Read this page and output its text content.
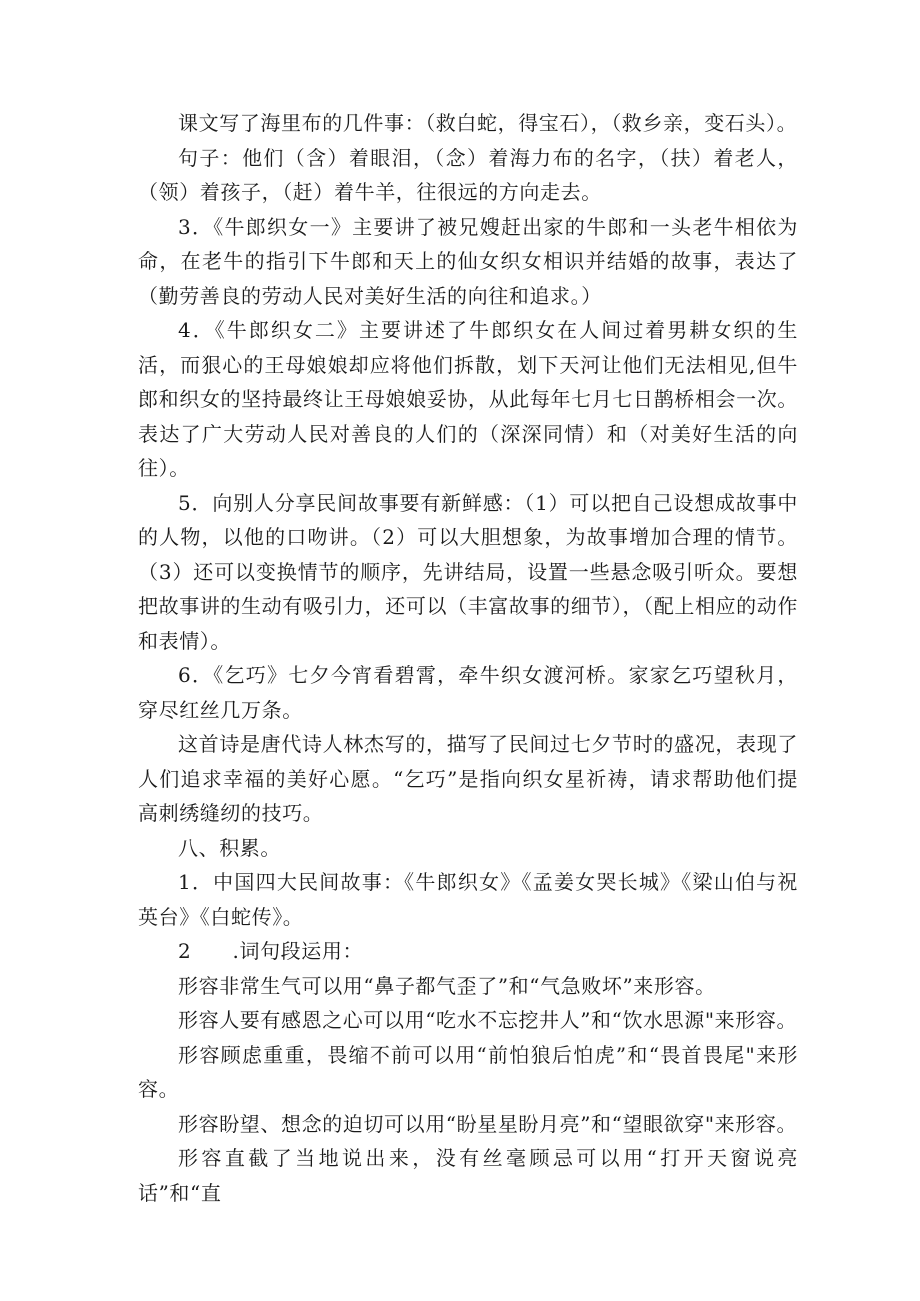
课文写了海里布的几件事：（救白蛇，得宝石），（救乡亲，变石头）。

句子：他们（含）着眼泪，（念）着海力布的名字，（扶）着老人，（领）着孩子，（赶）着牛羊，往很远的方向走去。

3．《牛郎织女一》主要讲了被兄嫂赶出家的牛郎和一头老牛相依为命，在老牛的指引下牛郎和天上的仙女织女相识并结婚的故事，表达了（勤劳善良的劳动人民对美好生活的向往和追求。）

4．《牛郎织女二》主要讲述了牛郎织女在人间过着男耕女织的生活，而狠心的王母娘娘却应将他们拆散，划下天河让他们无法相见,但牛郎和织女的坚持最终让王母娘娘妥协，从此每年七月七日鹊桥相会一次。表达了广大劳动人民对善良的人们的（深深同情）和（对美好生活的向往）。

5．向别人分享民间故事要有新鲜感：（1）可以把自己设想成故事中的人物，以他的口吻讲。（2）可以大胆想象，为故事增加合理的情节。（3）还可以变换情节的顺序，先讲结局，设置一些悬念吸引听众。要想把故事讲的生动有吸引力，还可以（丰富故事的细节），（配上相应的动作和表情）。

6．《乞巧》七夕今宵看碧霄，牵牛织女渡河桥。家家乞巧望秋月，穿尽红丝几万条。

这首诗是唐代诗人林杰写的，描写了民间过七夕节时的盛况，表现了人们追求幸福的美好心愿。“乞巧”是指向织女星祈祷，请求帮助他们提高刺绣缝纫的技巧。

八、积累。

1．中国四大民间故事：《牛郎织女》《孟姜女哭长城》《梁山伯与祝英台》《白蛇传》。

2　　.词句段运用：

形容非常生气可以用“鼻子都气歪了”和“气急败坏”来形容。

形容人要有感恩之心可以用“吃水不忘挖井人”和“饮水思源"来形容。

形容顾虑重重，畏缩不前可以用“前怕狼后怕虎”和“畏首畏尾"来形容。

形容盼望、想念的迫切可以用“盼星星盼月亮”和“望眼欲穿"来形容。

形容直截了当地说出来，没有丝毫顾忌可以用“打开天窗说亮话”和“直
